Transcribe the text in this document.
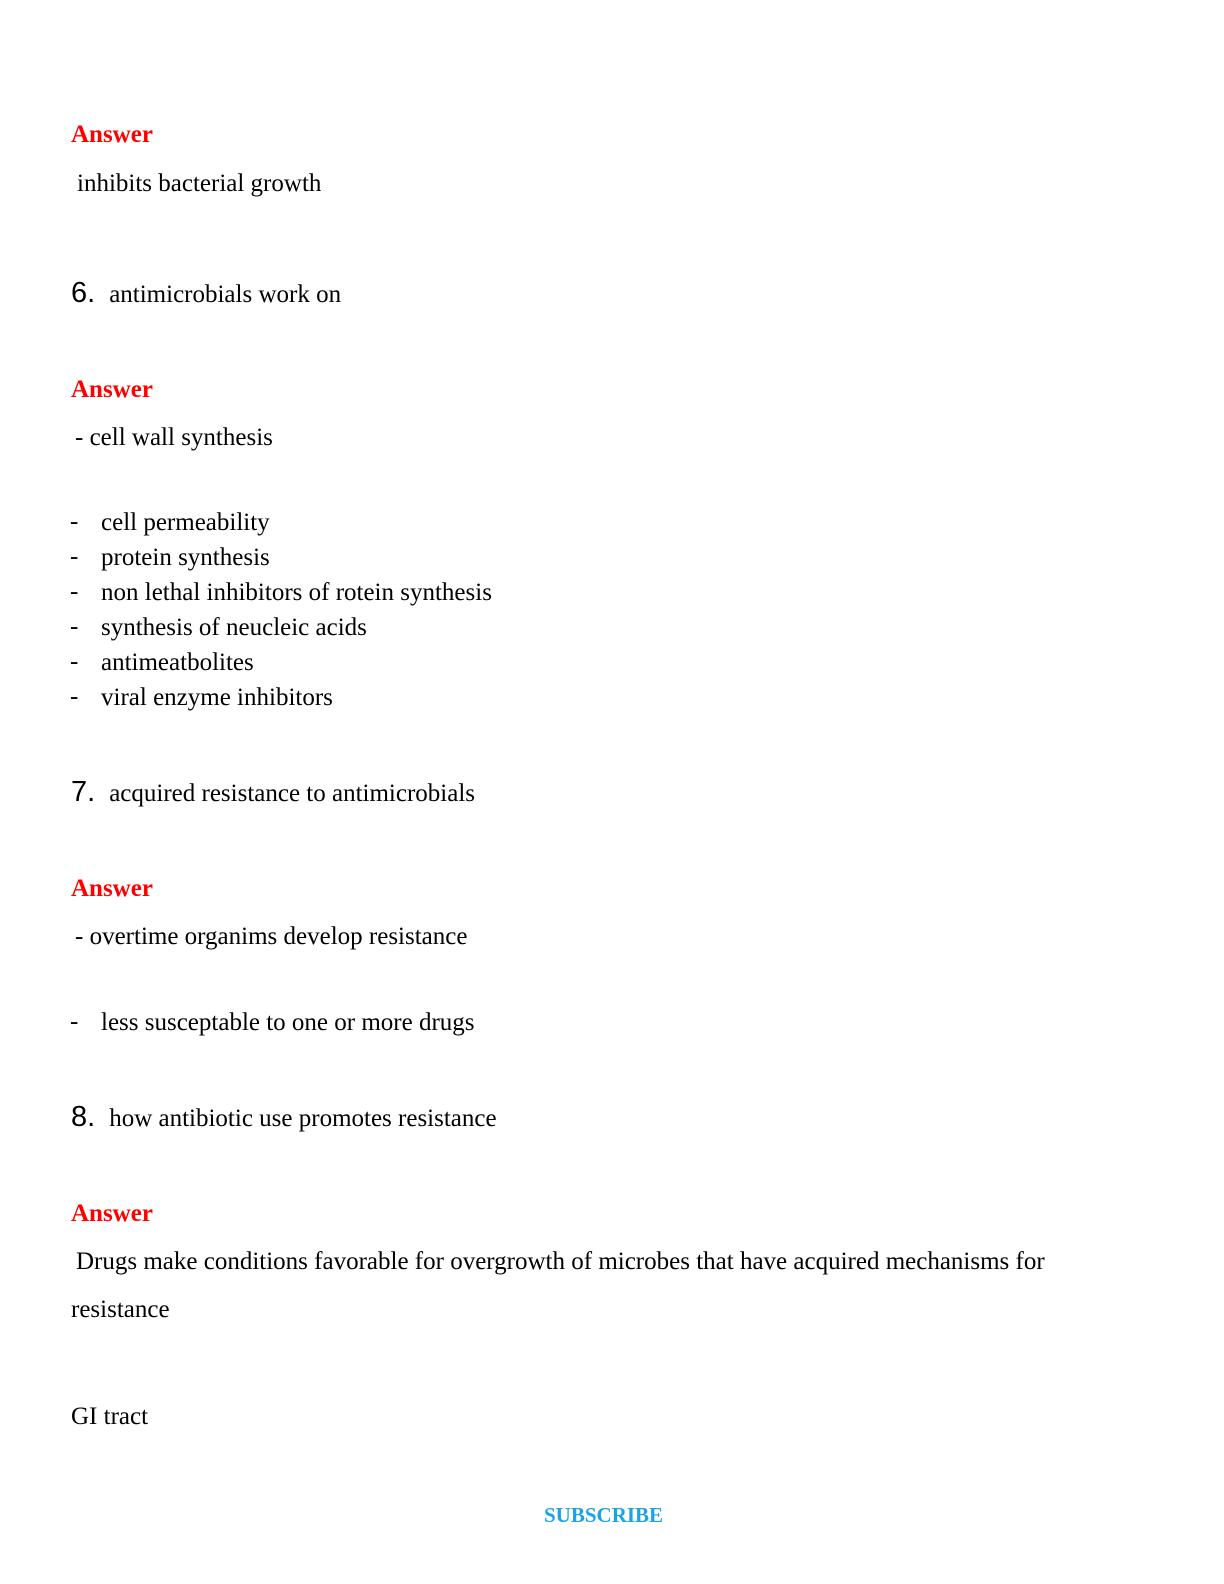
Answer
inhibits bacterial growth
6. antimicrobials work on
Answer
- cell wall synthesis
- cell permeability
- protein synthesis
- non lethal inhibitors of rotein synthesis
- synthesis of neucleic acids
- antimeatbolites
- viral enzyme inhibitors
7. acquired resistance to antimicrobials
Answer
- overtime organims develop resistance
- less susceptable to one or more drugs
8. how antibiotic use promotes resistance
Answer
Drugs make conditions favorable for overgrowth of microbes that have acquired mechanisms for resistance
GI tract
SUBSCRIBE
